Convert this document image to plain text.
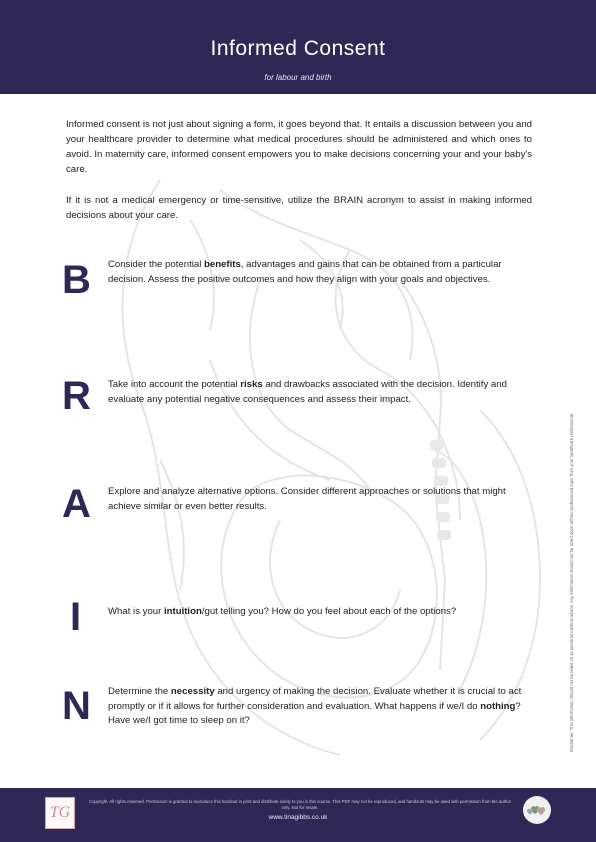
Informed Consent
for labour and birth
Informed consent is not just about signing a form, it goes beyond that. It entails a discussion between you and your healthcare provider to determine what medical procedures should be administered and which ones to avoid. In maternity care, informed consent empowers you to make decisions concerning your and your baby's care.
If it is not a medical emergency or time-sensitive, utilize the BRAIN acronym to assist in making informed decisions about your care.
B	Consider the potential benefits, advantages and gains that can be obtained from a particular decision. Assess the positive outcomes and how they align with your goals and objectives.
R	Take into account the potential risks and drawbacks associated with the decision. Identify and evaluate any potential negative consequences and assess their impact.
A	Explore and analyze alternative options. Consider different approaches or solutions that might achieve similar or even better results.
I	What is your intuition/gut telling you? How do you feel about each of the options?
N	Determine the necessity and urgency of making the decision. Evaluate whether it is crucial to act promptly or if it allows for further consideration and evaluation. What happens if we/I do nothing? Have we/I got time to sleep on it?	Disclaimer: This information should not be relied on as personal medical advice. Any information should not be acted upon without professional input from your healthcare professional.
TG
Copyright. All rights reserved. Permission is granted to reproduce this handout in print and distribute solely to you in this course. This PDF may not be reproduced, and handouts may be used with permission from the author only. Not for resale.
www.tinagibbs.co.uk
